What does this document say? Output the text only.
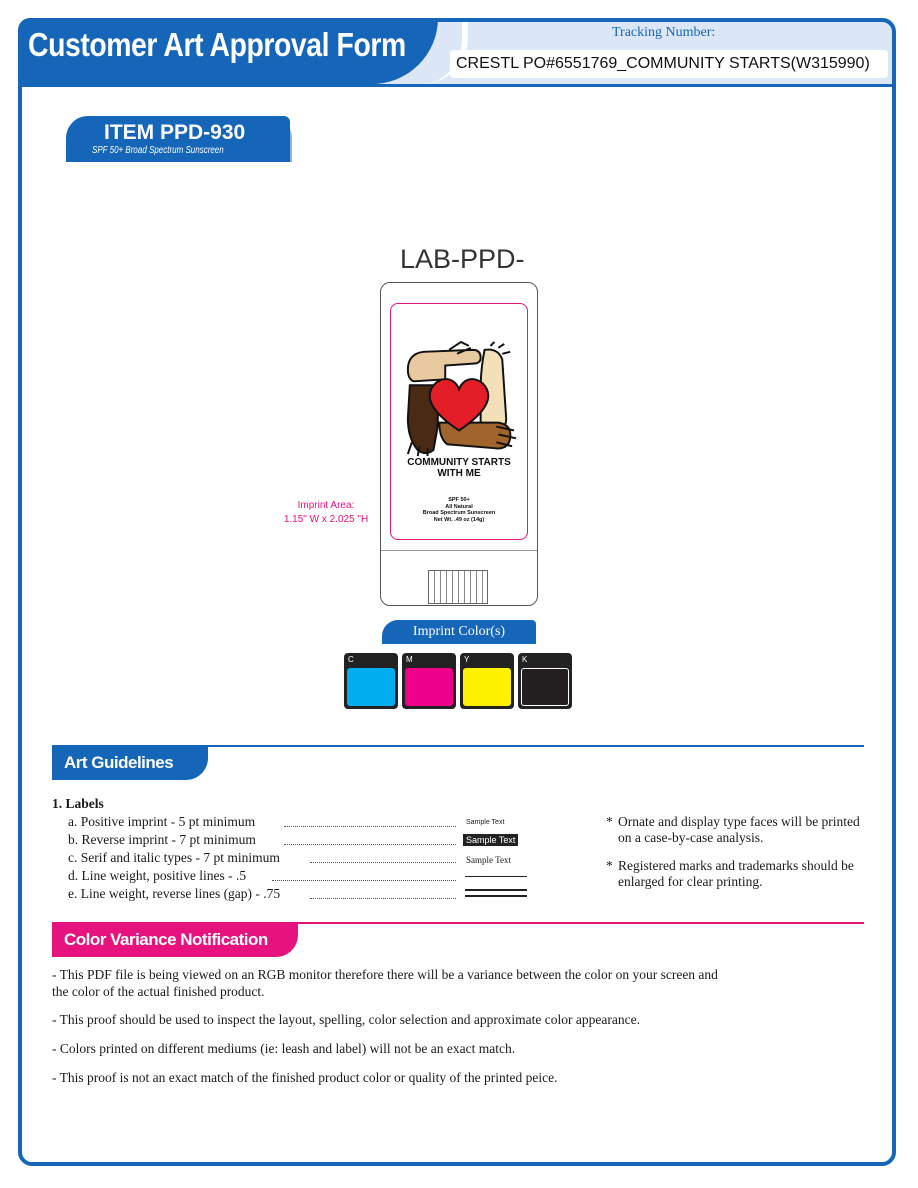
Customer Art Approval Form	Tracking Number:
CRESTL PO#6551769_COMMUNITY STARTS(W315990)
ITEM PPD-930
SPF 50+ Broad Spectrum Sunscreen
LAB-PPD-
COMMUNITY STARTS
WITH ME
SPF 50+
All Natural
Broad Spectrum Sunscreen
Net Wt. .49 oz (14g)
Imprint Area:
1.15" W x 2.025 "H
Imprint Color(s)
C	M	Y	K
Art Guidelines
1. Labels
a. Positive imprint - 5 pt minimum	Sample Text
b. Reverse imprint - 7 pt minimum	Sample Text
c. Serif and italic types - 7 pt minimum	Sample Text
d. Line weight, positive lines - .5
e. Line weight, reverse lines (gap) - .75
* Ornate and display type faces will be printed on a case-by-case analysis.
* Registered marks and trademarks should be enlarged for clear printing.
Color Variance Notification
- This PDF file is being viewed on an RGB monitor therefore there will be a variance between the color on your screen and the color of the actual finished product.
- This proof should be used to inspect the layout, spelling, color selection and approximate color appearance.
- Colors printed on different mediums (ie: leash and label) will not be an exact match.
- This proof is not an exact match of the finished product color or quality of the printed peice.
